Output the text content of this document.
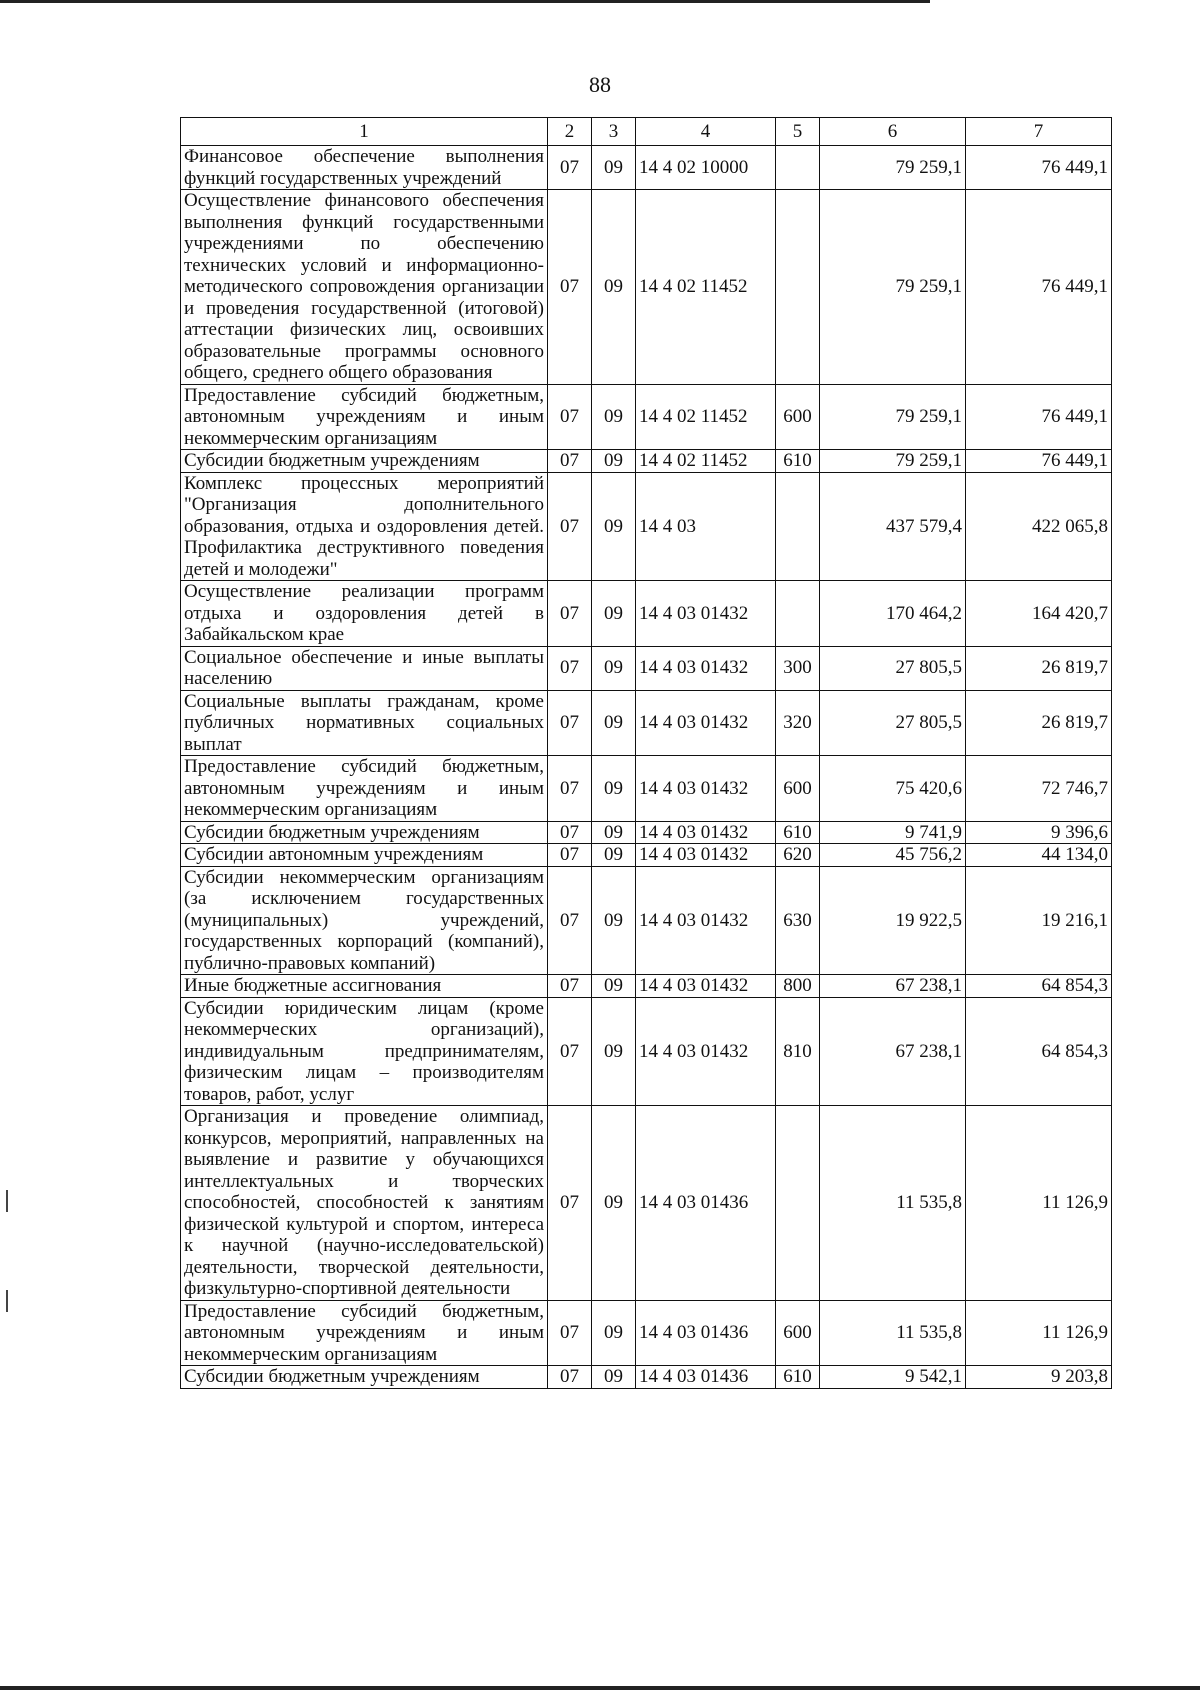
88
1	2	3	4	5	6	7
Финансовое обеспечение выполнения функций государственных учреждений	07	09	14 4 02 10000		79 259,1	76 449,1
Осуществление финансового обеспечения выполнения функций государственными учреждениями по обеспечению технических условий и информационно-методического сопровождения организации и проведения государственной (итоговой) аттестации физических лиц, освоивших образовательные программы основного общего, среднего общего образования	07	09	14 4 02 11452		79 259,1	76 449,1
Предоставление субсидий бюджетным, автономным учреждениям и иным некоммерческим организациям	07	09	14 4 02 11452	600	79 259,1	76 449,1
Субсидии бюджетным учреждениям	07	09	14 4 02 11452	610	79 259,1	76 449,1
Комплекс процессных мероприятий "Организация дополнительного образования, отдыха и оздоровления детей. Профилактика деструктивного поведения детей и молодежи"	07	09	14 4 03		437 579,4	422 065,8
Осуществление реализации программ отдыха и оздоровления детей в Забайкальском крае	07	09	14 4 03 01432		170 464,2	164 420,7
Социальное обеспечение и иные выплаты населению	07	09	14 4 03 01432	300	27 805,5	26 819,7
Социальные выплаты гражданам, кроме публичных нормативных социальных выплат	07	09	14 4 03 01432	320	27 805,5	26 819,7
Предоставление субсидий бюджетным, автономным учреждениям и иным некоммерческим организациям	07	09	14 4 03 01432	600	75 420,6	72 746,7
Субсидии бюджетным учреждениям	07	09	14 4 03 01432	610	9 741,9	9 396,6
Субсидии автономным учреждениям	07	09	14 4 03 01432	620	45 756,2	44 134,0
Субсидии некоммерческим организациям (за исключением государственных (муниципальных) учреждений, государственных корпораций (компаний), публично-правовых компаний)	07	09	14 4 03 01432	630	19 922,5	19 216,1
Иные бюджетные ассигнования	07	09	14 4 03 01432	800	67 238,1	64 854,3
Субсидии юридическим лицам (кроме некоммерческих организаций), индивидуальным предпринимателям, физическим лицам – производителям товаров, работ, услуг	07	09	14 4 03 01432	810	67 238,1	64 854,3
Организация и проведение олимпиад, конкурсов, мероприятий, направленных на выявление и развитие у обучающихся интеллектуальных и творческих способностей, способностей к занятиям физической культурой и спортом, интереса к научной (научно-исследовательской) деятельности, творческой деятельности, физкультурно-спортивной деятельности	07	09	14 4 03 01436		11 535,8	11 126,9
Предоставление субсидий бюджетным, автономным учреждениям и иным некоммерческим организациям	07	09	14 4 03 01436	600	11 535,8	11 126,9
Субсидии бюджетным учреждениям	07	09	14 4 03 01436	610	9 542,1	9 203,8
